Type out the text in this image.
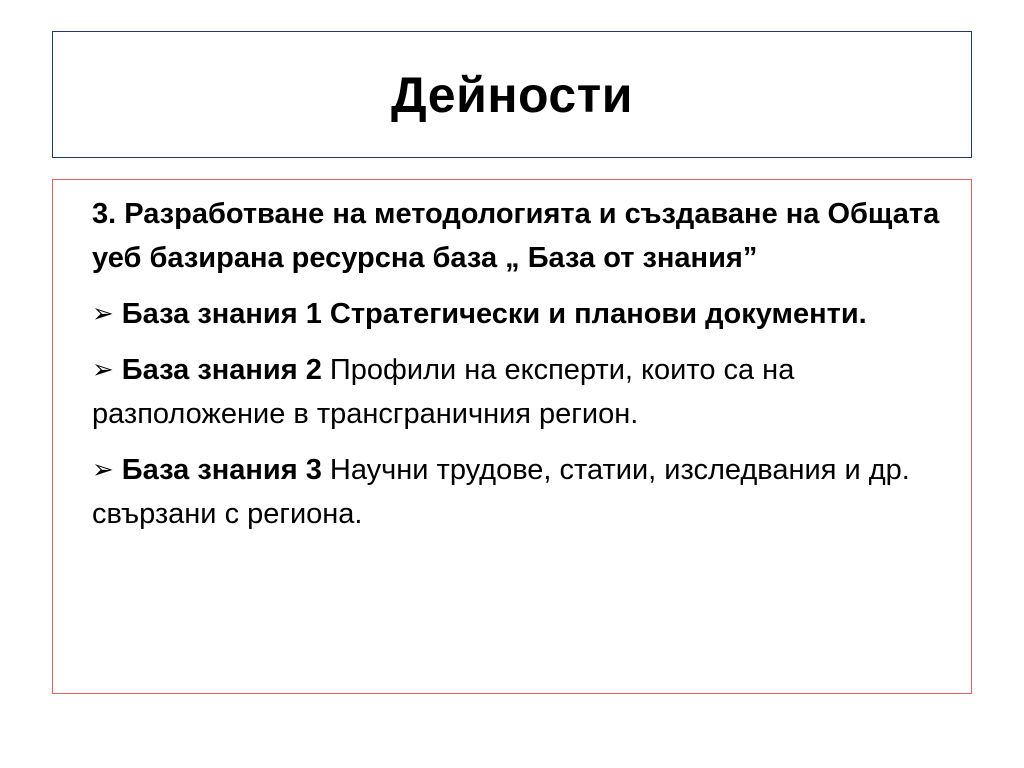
Дейности

3. Разработване на методологията и създаване на Общата уеб базирана ресурсна база „ База от знания”

➢ База знания 1 Стратегически и планови документи.

➢ База знания 2 Профили на експерти, които са на разположение в трансграничния регион.

➢ База знания 3 Научни трудове, статии, изследвания и др. свързани с региона.
